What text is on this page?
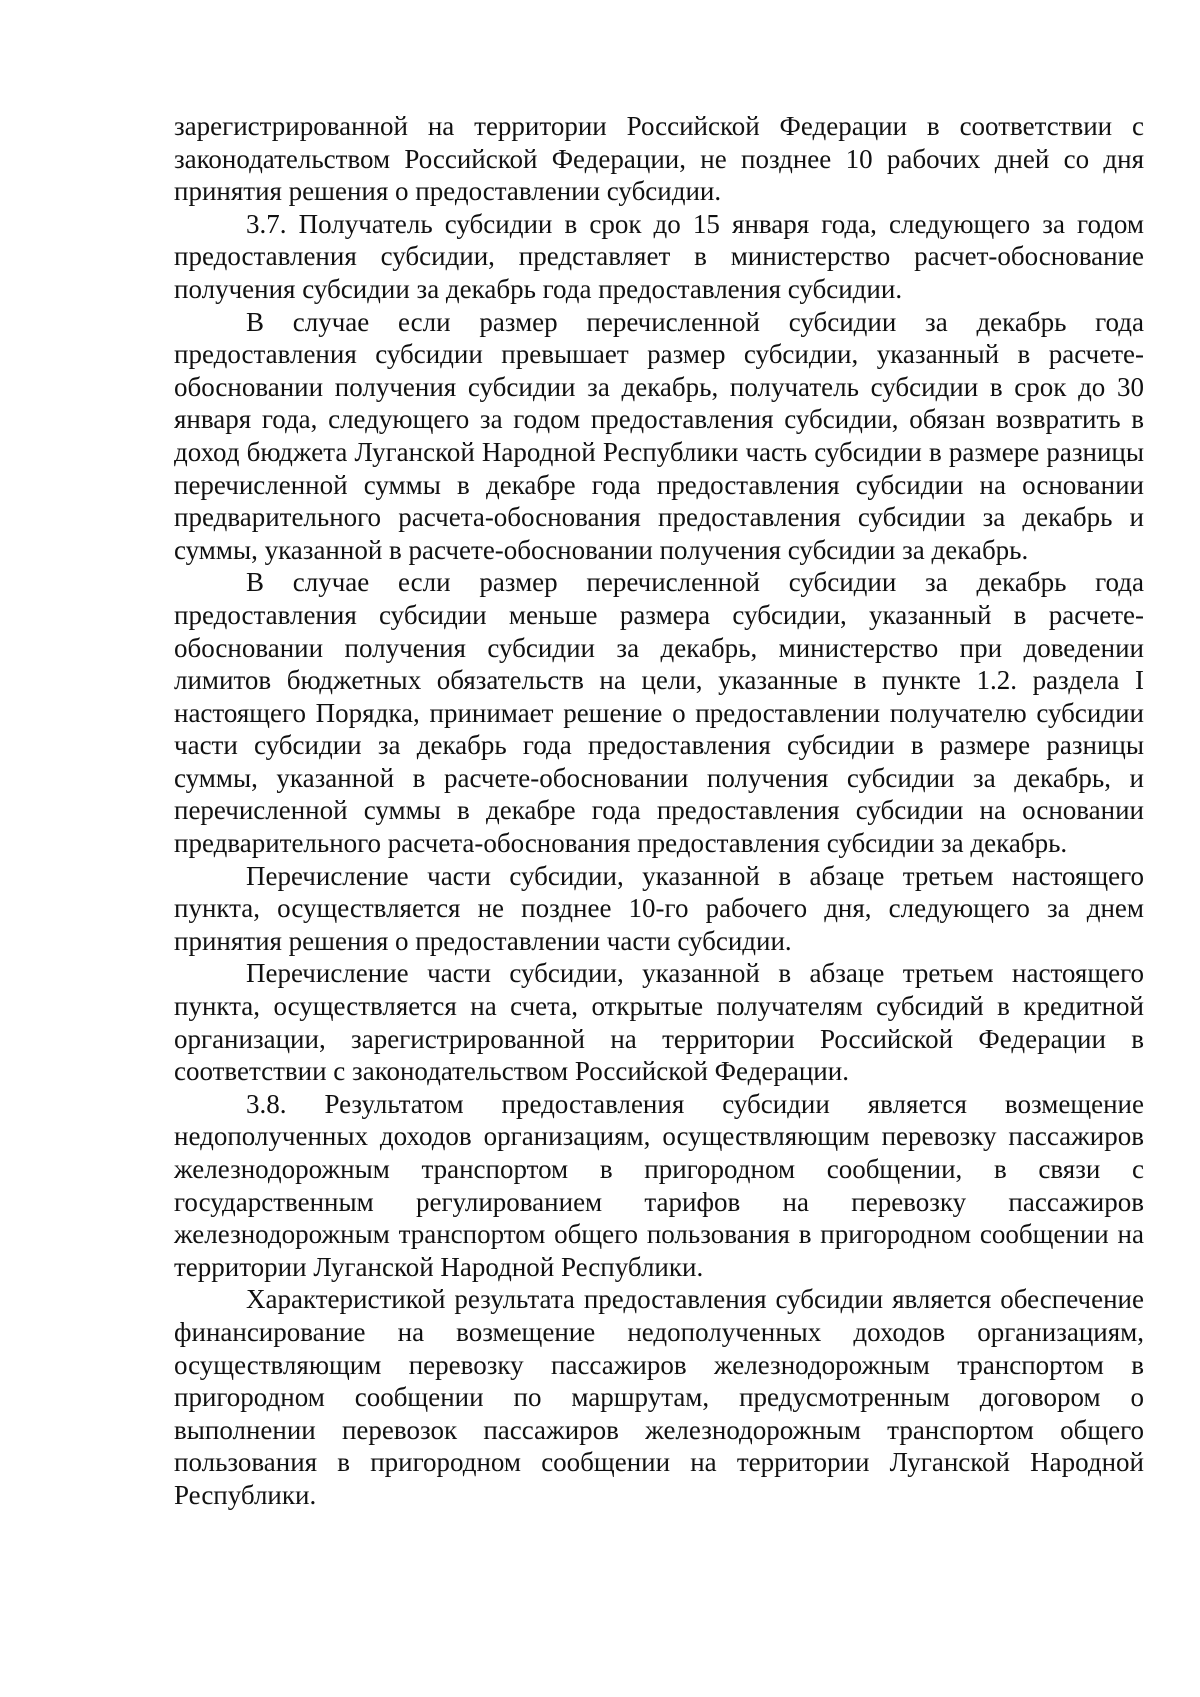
зарегистрированной на территории Российской Федерации в соответствии с законодательством Российской Федерации, не позднее 10 рабочих дней со дня принятия решения о предоставлении субсидии.

3.7. Получатель субсидии в срок до 15 января года, следующего за годом предоставления субсидии, представляет в министерство расчет-обоснование получения субсидии за декабрь года предоставления субсидии.

В случае если размер перечисленной субсидии за декабрь года предоставления субсидии превышает размер субсидии, указанный в расчете-обосновании получения субсидии за декабрь, получатель субсидии в срок до 30 января года, следующего за годом предоставления субсидии, обязан возвратить в доход бюджета Луганской Народной Республики часть субсидии в размере разницы перечисленной суммы в декабре года предоставления субсидии на основании предварительного расчета-обоснования предоставления субсидии за декабрь и суммы, указанной в расчете-обосновании получения субсидии за декабрь.

В случае если размер перечисленной субсидии за декабрь года предоставления субсидии меньше размера субсидии, указанный в расчете-обосновании получения субсидии за декабрь, министерство при доведении лимитов бюджетных обязательств на цели, указанные в пункте 1.2. раздела I настоящего Порядка, принимает решение о предоставлении получателю субсидии части субсидии за декабрь года предоставления субсидии в размере разницы суммы, указанной в расчете-обосновании получения субсидии за декабрь, и перечисленной суммы в декабре года предоставления субсидии на основании предварительного расчета-обоснования предоставления субсидии за декабрь.

Перечисление части субсидии, указанной в абзаце третьем настоящего пункта, осуществляется не позднее 10-го рабочего дня, следующего за днем принятия решения о предоставлении части субсидии.

Перечисление части субсидии, указанной в абзаце третьем настоящего пункта, осуществляется на счета, открытые получателям субсидий в кредитной организации, зарегистрированной на территории Российской Федерации в соответствии с законодательством Российской Федерации.

3.8. Результатом предоставления субсидии является возмещение недополученных доходов организациям, осуществляющим перевозку пассажиров железнодорожным транспортом в пригородном сообщении, в связи с государственным регулированием тарифов на перевозку пассажиров железнодорожным транспортом общего пользования в пригородном сообщении на территории Луганской Народной Республики.

Характеристикой результата предоставления субсидии является обеспечение финансирование на возмещение недополученных доходов организациям, осуществляющим перевозку пассажиров железнодорожным транспортом в пригородном сообщении по маршрутам, предусмотренным договором о выполнении перевозок пассажиров железнодорожным транспортом общего пользования в пригородном сообщении на территории Луганской Народной Республики.
